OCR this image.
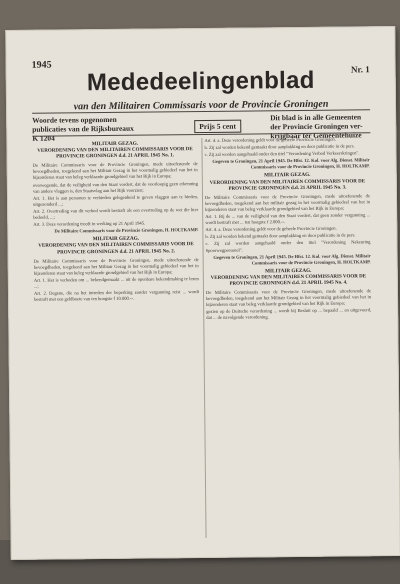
1945	Nr. 1
Mededeelingenblad
van den Militairen Commissaris voor de Provincie Groningen
Woorde tevens opgenomen
publicaties van de Rijksbureaux
K 1204
Prijs 5 cent
Dit blad is in alle Gemeenten
der Provincie Groningen ver-
krijgbaar ter Gemeentehuize
MILITAIR GEZAG.
VERORDENING VAN DEN MILITAIREN COMMISSARIS VOOR DE PROVINCIE GRONINGEN d.d. 21 APRIL 1945 No. 1.

De Militaire Commissaris voor de Provincie Groningen, mede uitoefenende de bevoegdheden, toegekend aan het Militair Gezag in het voormalig gebiedeel van het in bijzonderen staat van beleg verklaarde grondgebied van het Rijk in Europa;

overwegende, dat de veiligheid van den Staat vordert, dat de voorloopig geen erkenning van andere vlaggen is, den Staatsvlag aan het Rijk voorzien;

Art. 1. Het is aan personen te verbieden gelegenheid te geven vlaggen aan te bieden, uitgezonderd ...;

Art. 2. Overtreding van dit verbod wordt bestraft als een overtreding op de wet die hier bedoeld, ...;

Art. 3. Deze verordening treedt in werking op 21 April 1945.

De Militaire Commissaris voor de Provincie Groningen, H. HOLTKAMP.
MILITAIR GEZAG.
VERORDENING VAN DEN MILITAIREN COMMISSARIS VOOR DE PROVINCIE GRONINGEN d.d. 21 APRIL 1945 No. 2.

De Militaire Commissaris voor de Provincie Groningen, mede uitoefenende de bevoegdheden, toegekend aan het Militair Gezag in het voormalig gebiedeel van het in bijzonderen staat van beleg verklaarde grondgebied van het Rijk in Europa;

Art. 1. Het is verboden om ... bekendgemaakt ... uit de openbare bekendmaking te lezen ...;

Art. 2. Degene, die na het intreden der beperking zonder vergunning reist ... wordt bestraft met een geldboete van ten hoogste f 10.000.--.

Art. 4. a. Deze verordening geldt voor de geheele Provincie Groningen.

b. Zij zal worden bekend gemaakt door aanplakking en door publicatie in de pers.

c. Zij zal worden aangehaald onder den titel "Verordening Verbod Verkeerskringen".

Gegeven te Groningen, 21 April 1945. De Hfst. 12. Kol. voor Alg. Dienst. Militair Commissaris voor de Provincie Groningen, H. HOLTKAMP.
MILITAIR GEZAG.
VERORDENING VAN DEN MILITAIREN COMMISSARIS VOOR DE PROVINCIE GRONINGEN d.d. 21 APRIL 1945 No. 3.

De Militaire Commissaris voor de Provincie Groningen, mede uitoefenende de bevoegdheden, toegekend aan het militair gezag in het voormalig gebiedeel van het in bijzonderen staat van beleg verklaarde grondgebied van het Rijk in Europa;

Art. 1. Bij de ... van de veiligheid van den Staat vordert, dat geen zonder vergunning ... wordt bestraft met ... ten hoogste f 2.000.--.

Art. 4. a. Deze verordening geldt voor de geheele Provincie Groningen.

b. Zij zal worden bekend gemaakt door aanplakking en door publicatie in de pers.

c. Zij zal worden aangehaald onder den titel "Verordening Nakeuring Spoorwegpersonel".

Gegeven te Groningen, 21 April 1945. De Hfst. 12. Kol. voor Alg. Dienst. Militair Commissaris voor de Provincie Groningen, H. HOLTKAMP.
MILITAIR GEZAG.
VERORDENING VAN DEN MILITAIREN COMMISSARIS VOOR DE PROVINCIE GRONINGEN d.d. 21 APRIL 1945 No. 4.

De Militaire Commissaris voor de Provincie Groningen, mede uitoefenende de bevoegdheden, toegekend aan het Militair Gezag in het voormalig gebiedeel van het in bijzonderen staat van beleg verklaarde grondgebied van het Rijk in Europa;

gezien op de Duitsche verordening ... wordt bij Besluit op ... bepaald ... en uitgevoerd, dat ... de navolgende verordening.
